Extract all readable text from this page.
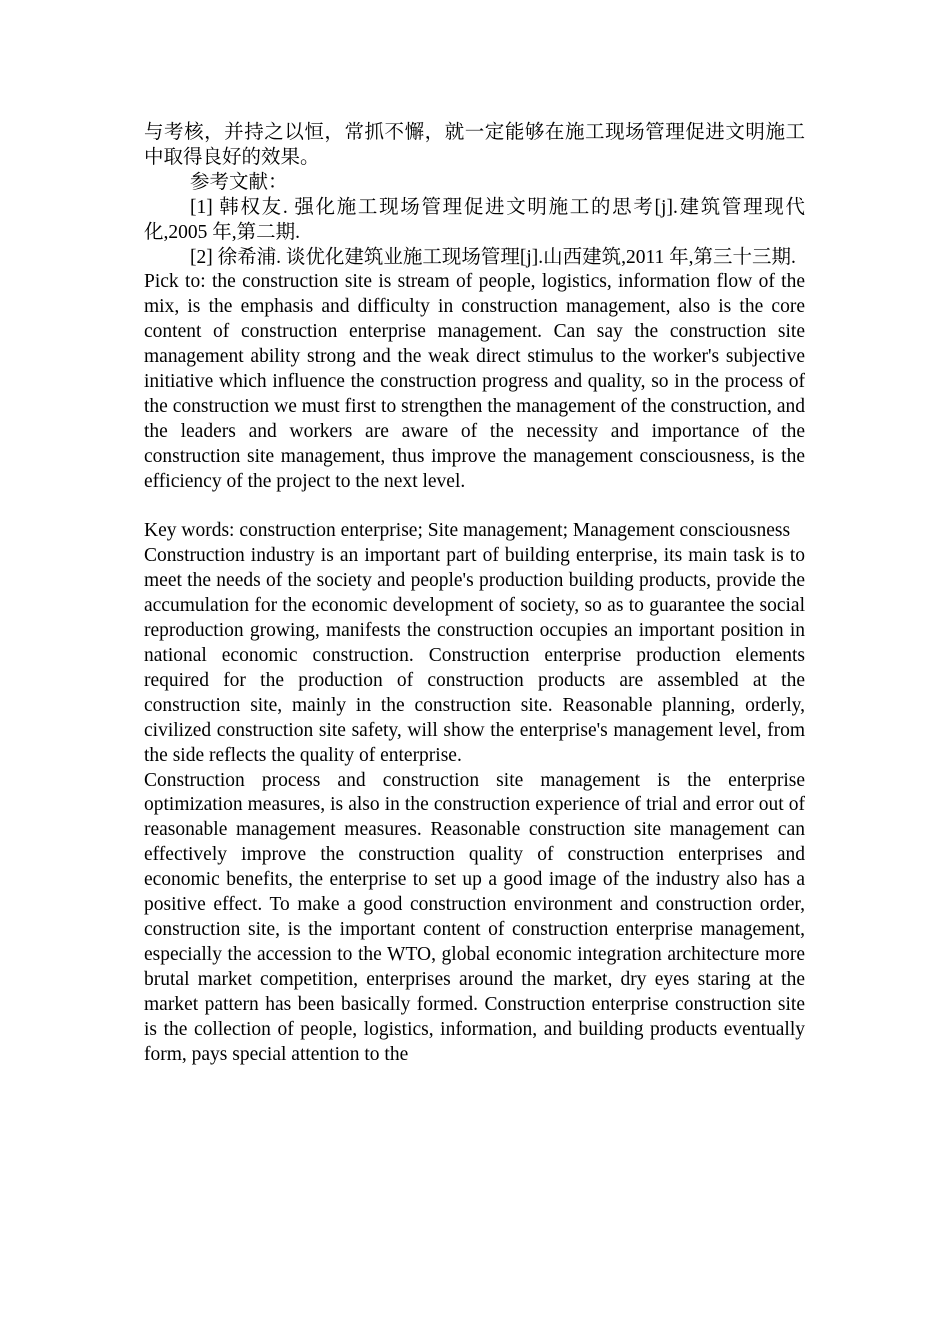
与考核，并持之以恒，常抓不懈，就一定能够在施工现场管理促进文明施工中取得良好的效果。

参考文献：

[1] 韩权友. 强化施工现场管理促进文明施工的思考[j].建筑管理现代化,2005 年,第二期.

[2] 徐希浦. 谈优化建筑业施工现场管理[j].山西建筑,2011 年,第三十三期.

Pick to: the construction site is stream of people, logistics, information flow of the mix, is the emphasis and difficulty in construction management, also is the core content of construction enterprise management. Can say the construction site management ability strong and the weak direct stimulus to the worker's subjective initiative which influence the construction progress and quality, so in the process of the construction we must first to strengthen the management of the construction, and the leaders and workers are aware of the necessity and importance of the construction site management, thus improve the management consciousness, is the efficiency of the project to the next level.

Key words: construction enterprise; Site management; Management consciousness

Construction industry is an important part of building enterprise, its main task is to meet the needs of the society and people's production building products, provide the accumulation for the economic development of society, so as to guarantee the social reproduction growing, manifests the construction occupies an important position in national economic construction. Construction enterprise production elements required for the production of construction products are assembled at the construction site, mainly in the construction site. Reasonable planning, orderly, civilized construction site safety, will show the enterprise's management level, from the side reflects the quality of enterprise.

Construction process and construction site management is the enterprise optimization measures, is also in the construction experience of trial and error out of reasonable management measures. Reasonable construction site management can effectively improve the construction quality of construction enterprises and economic benefits, the enterprise to set up a good image of the industry also has a positive effect. To make a good construction environment and construction order, construction site, is the important content of construction enterprise management, especially the accession to the WTO, global economic integration architecture more brutal market competition, enterprises around the market, dry eyes staring at the market pattern has been basically formed. Construction enterprise construction site is the collection of people, logistics, information, and building products eventually form, pays special attention to the
